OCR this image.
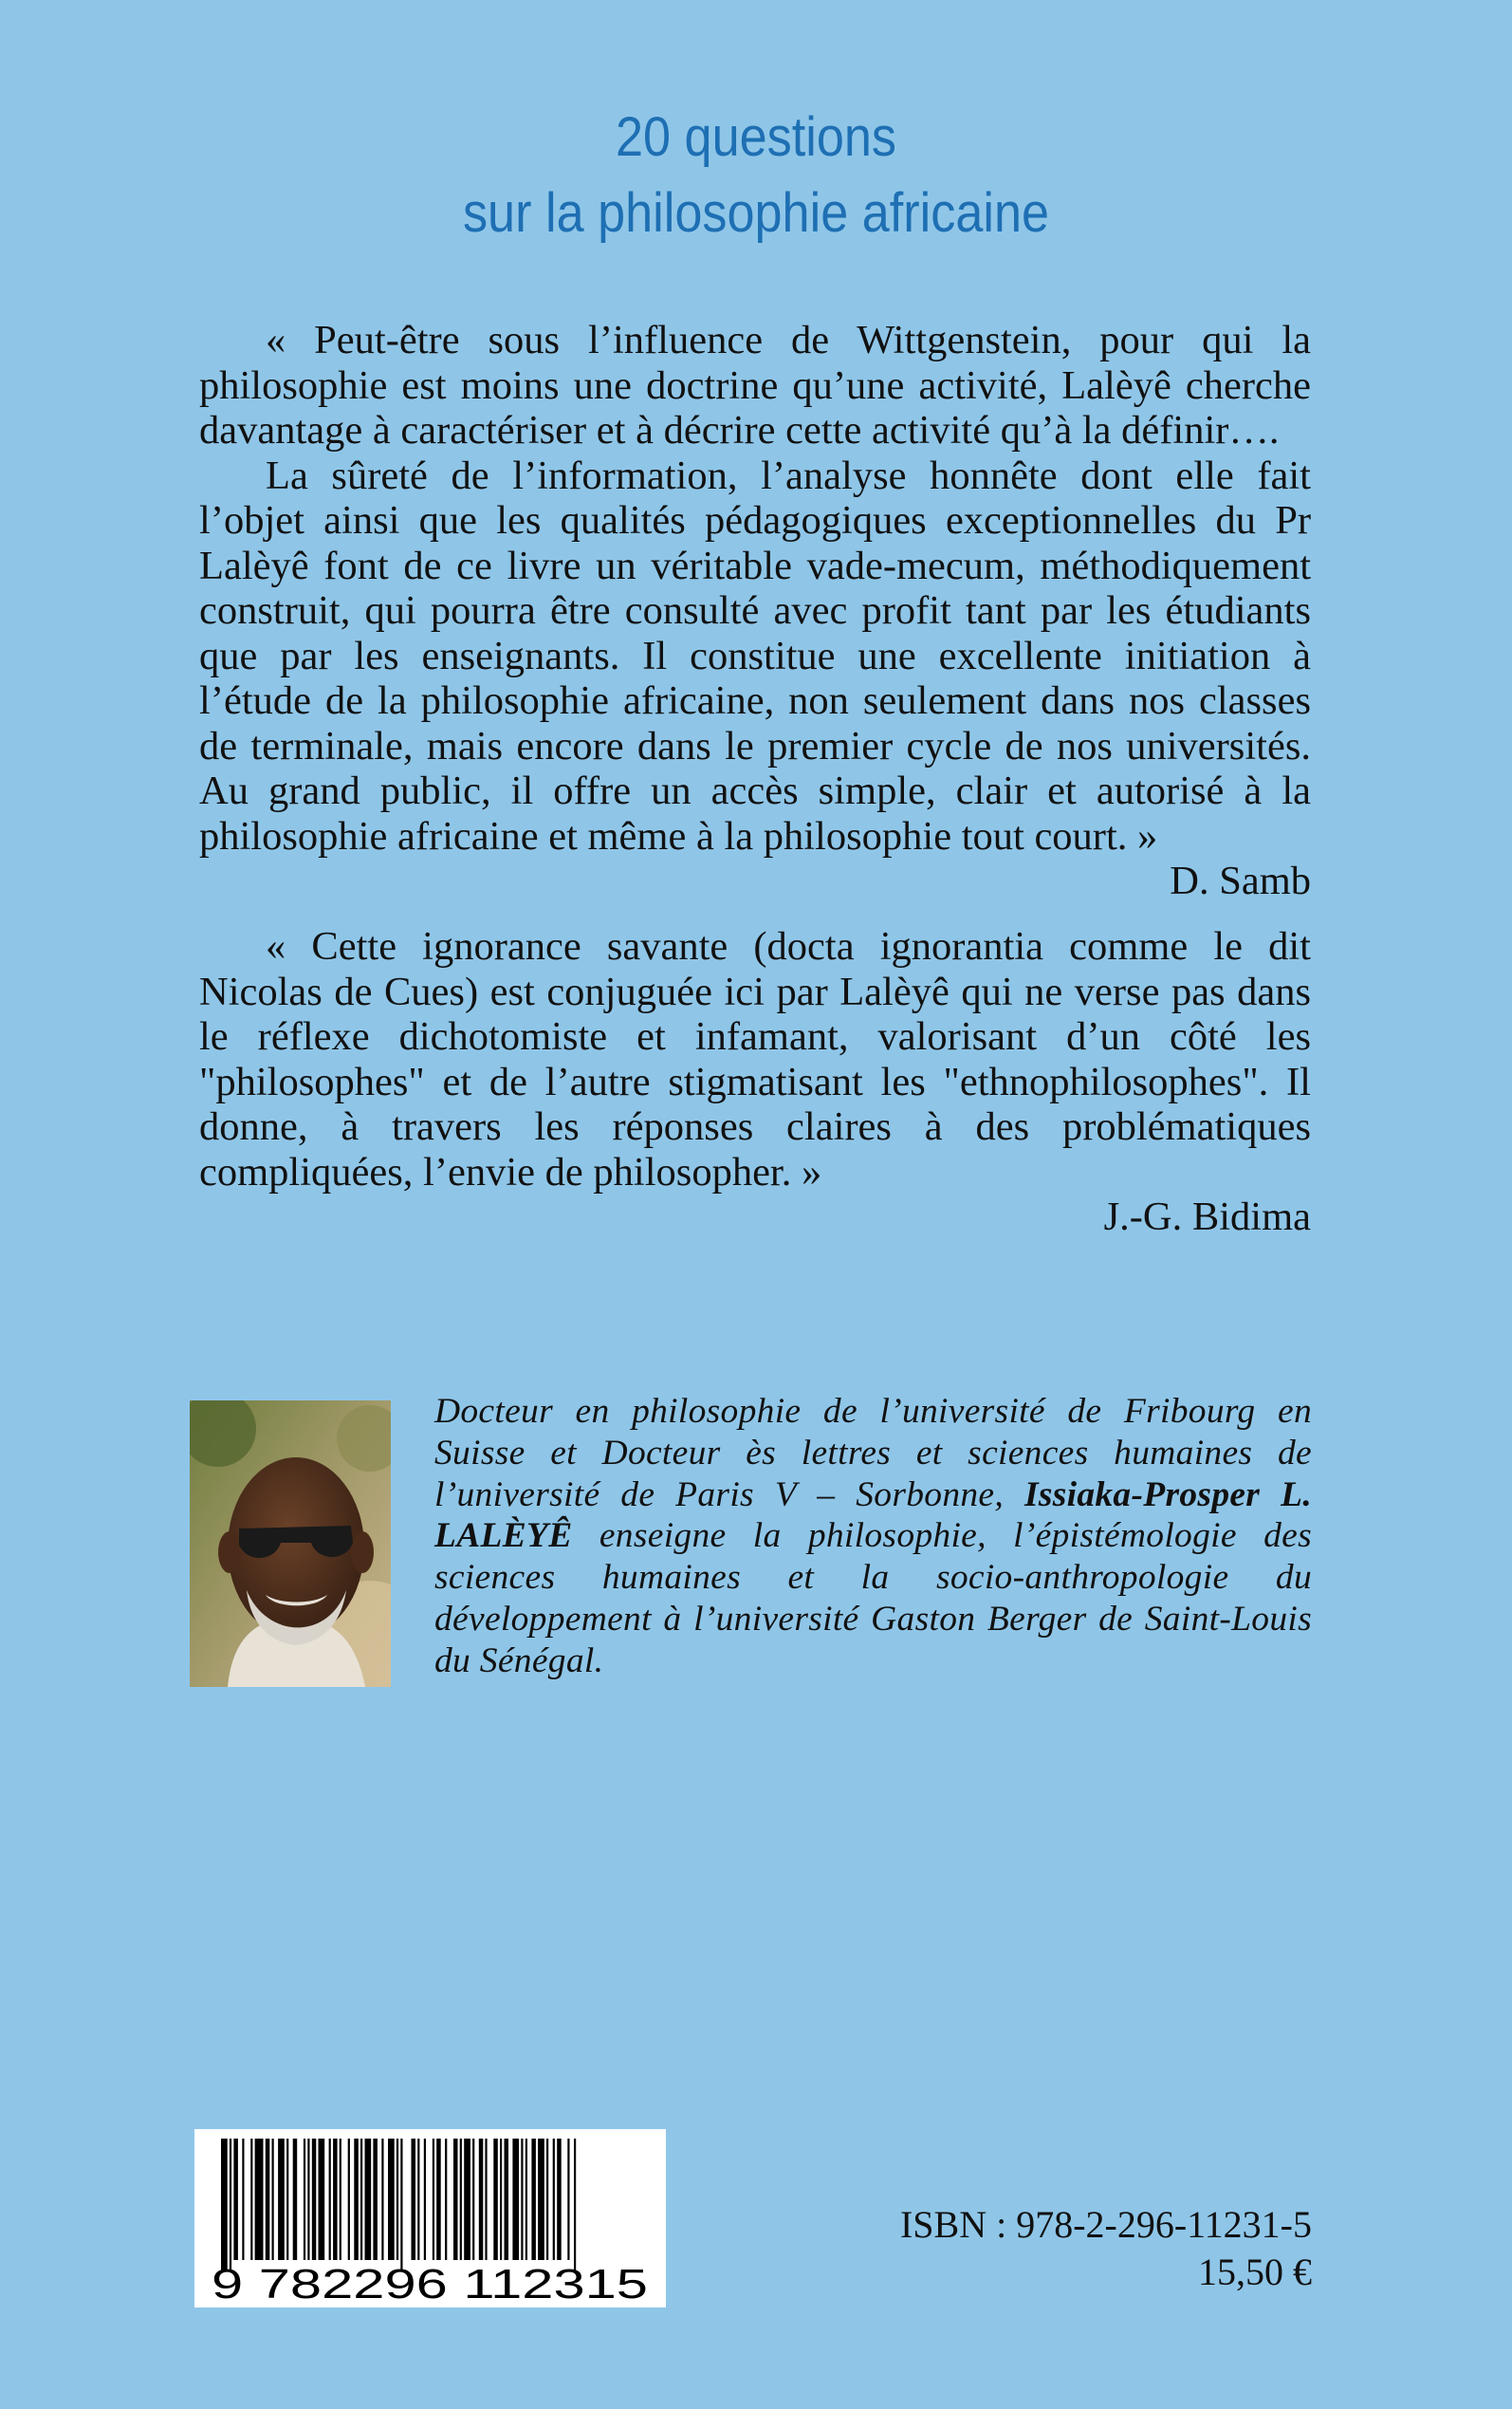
20 questions
sur la philosophie africaine

« Peut-être sous l’influence de Wittgenstein, pour qui la philosophie est moins une doctrine qu’une activité, Lalèyê cherche davantage à caractériser et à décrire cette activité qu’à la définir….

La sûreté de l’information, l’analyse honnête dont elle fait l’objet ainsi que les qualités pédagogiques exceptionnelles du Pr Lalèyê font de ce livre un véritable vade-mecum, méthodiquement construit, qui pourra être consulté avec profit tant par les étudiants que par les enseignants. Il constitue une excellente initiation à l’étude de la philosophie africaine, non seulement dans nos classes de terminale, mais encore dans le premier cycle de nos universités. Au grand public, il offre un accès simple, clair et autorisé à la philosophie africaine et même à la philosophie tout court. »

D. Samb

« Cette ignorance savante (docta ignorantia comme le dit Nicolas de Cues) est conjuguée ici par Lalèyê qui ne verse pas dans le réflexe dichotomiste et infamant, valorisant d’un côté les "philosophes" et de l’autre stigmatisant les "ethnophilosophes". Il donne, à travers les réponses claires à des problématiques compliquées, l’envie de philosopher. »

J.-G. Bidima

Docteur en philosophie de l’université de Fribourg en Suisse et Docteur ès lettres et sciences humaines de l’université de Paris V – Sorbonne, Issiaka-Prosper L. LALÈYÊ enseigne la philosophie, l’épistémologie des sciences humaines et la socio-anthropologie du développement à l’université Gaston Berger de Saint-Louis du Sénégal.
9 782296 112315
ISBN : 978-2-296-11231-5
15,50 €
